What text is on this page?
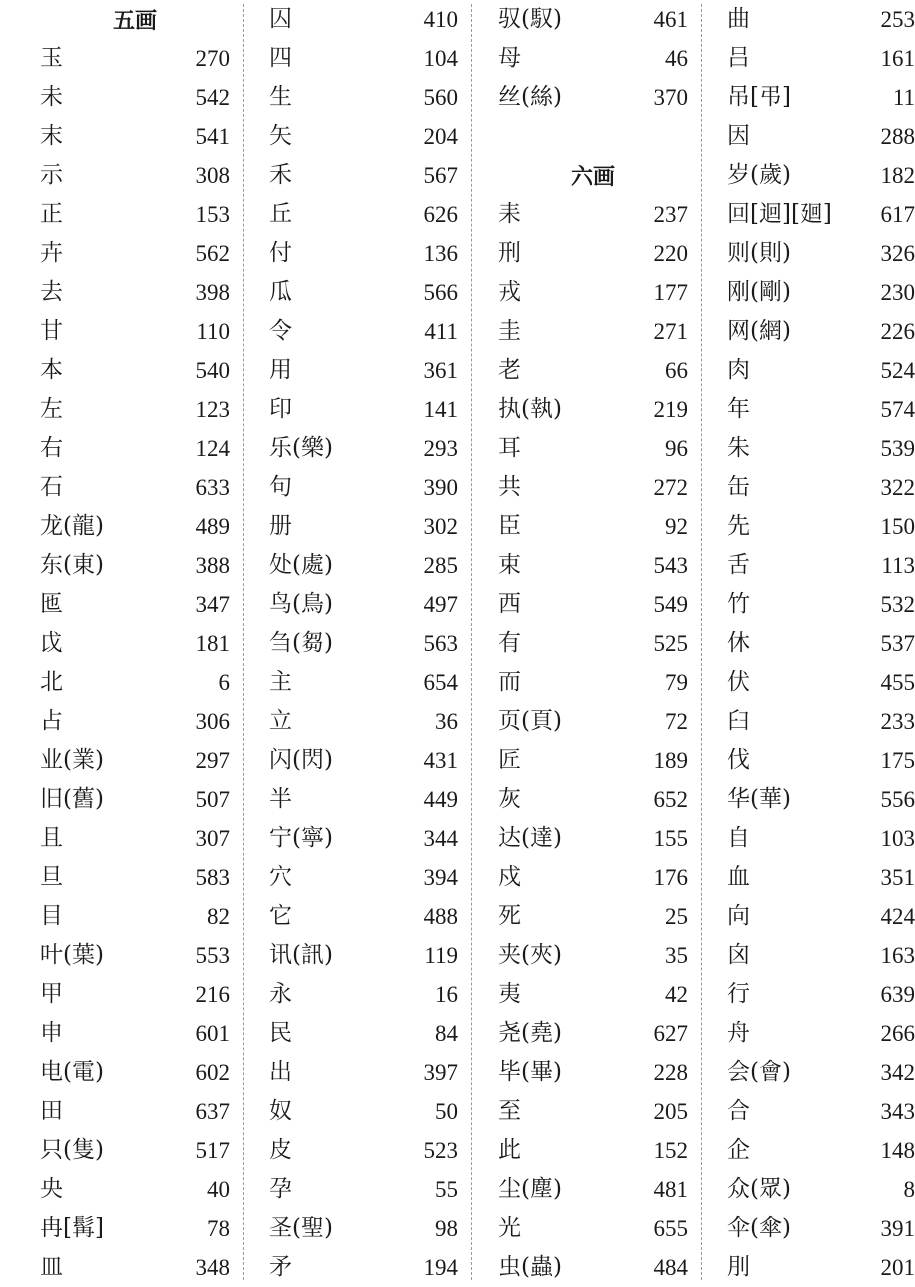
五画
玉	270
未	542
末	541
示	308
正	153
卉	562
去	398
甘	110
本	540
左	123
右	124
石	633
龙(龍)	489
东(東)	388
匜	347
戉	181
北	6
占	306
业(業)	297
旧(舊)	507
且	307
旦	583
目	82
叶(葉)	553
甲	216
申	601
电(電)	602
田	637
只(隻)	517
央	40
冉[髯]	78
皿	348
囚	410
四	104
生	560
矢	204
禾	567
丘	626
付	136
瓜	566
令	411
用	361
印	141
乐(樂)	293
句	390
册	302
处(處)	285
鸟(鳥)	497
刍(芻)	563
主	654
立	36
闪(閃)	431
半	449
宁(寧)	344
穴	394
它	488
讯(訊)	119
永	16
民	84
出	397
奴	50
皮	523
孕	55
圣(聖)	98
矛	194
驭(馭)	461
母	46
丝(絲)	370
六画
耒	237
刑	220
戎	177
圭	271
老	66
执(執)	219
耳	96
共	272
臣	92
束	543
西	549
有	525
而	79
页(頁)	72
匠	189
灰	652
达(達)	155
戍	176
死	25
夹(夾)	35
夷	42
尧(堯)	627
毕(畢)	228
至	205
此	152
尘(塵)	481
光	655
虫(蟲)	484
曲	253
吕	161
吊[弔]	11
因	288
岁(歲)	182
回[迴][廻] 617
则(則)	326
刚(剛)	230
网(網)	226
肉	524
年	574
朱	539
缶	322
先	150
舌	113
竹	532
休	537
伏	455
臼	233
伐	175
华(華)	556
自	103
血	351
向	424
囟	163
行	639
舟	266
会(會)	342
合	343
企	148
众(眾)	8
伞(傘)	391
刖	201
